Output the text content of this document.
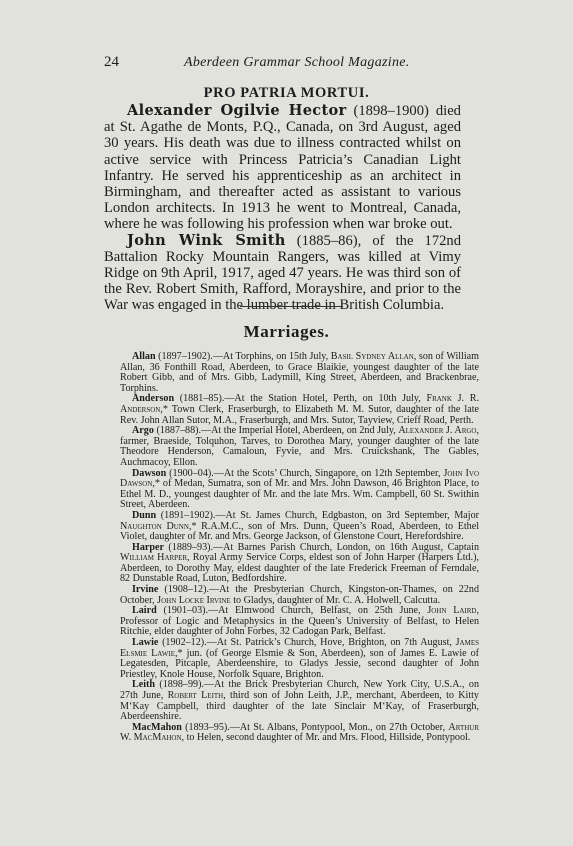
24	Aberdeen Grammar School Magazine.
PRO PATRIA MORTUI.

Alexander Ogilvie Hector (1898–1900) died at St. Agathe de Monts, P.Q., Canada, on 3rd August, aged 30 years. His death was due to illness contracted whilst on active service with Princess Patricia’s Canadian Light Infantry. He served his apprenticeship as an architect in Birmingham, and thereafter acted as assistant to various London architects. In 1913 he went to Montreal, Canada, where he was following his profession when war broke out.

John Wink Smith (1885–86), of the 172nd Battalion Rocky Mountain Rangers, was killed at Vimy Ridge on 9th April, 1917, aged 47 years. He was third son of the Rev. Robert Smith, Rafford, Morayshire, and prior to the War was engaged in the lumber trade in British Columbia.

Marriages.

Allan (1897–1902).—At Torphins, on 15th July, Basil Sydney Allan, son of William Allan, 36 Fonthill Road, Aberdeen, to Grace Blaikie, youngest daughter of the late Robert Gibb, and of Mrs. Gibb, Ladymill, King Street, Aberdeen, and Brackenbrae, Torphins.

Anderson (1881–85).—At the Station Hotel, Perth, on 10th July, Frank J. R. Anderson,* Town Clerk, Fraserburgh, to Elizabeth M. M. Sutor, daughter of the late Rev. John Allan Sutor, M.A., Fraserburgh, and Mrs. Sutor, Tayview, Crieff Road, Perth.

Argo (1887–88).—At the Imperial Hotel, Aberdeen, on 2nd July, Alexander J. Argo, farmer, Braeside, Tolquhon, Tarves, to Dorothea Mary, younger daughter of the late Theodore Henderson, Camaloun, Fyvie, and Mrs. Cruickshank, The Gables, Auchmacoy, Ellon.

Dawson (1900–04).—At the Scots’ Church, Singapore, on 12th September, John Ivo Dawson,* of Medan, Sumatra, son of Mr. and Mrs. John Dawson, 46 Brighton Place, to Ethel M. D., youngest daughter of Mr. and the late Mrs. Wm. Campbell, 60 St. Swithin Street, Aberdeen.

Dunn (1891–1902).—At St. James Church, Edgbaston, on 3rd September, Major Naughton Dunn,* R.A.M.C., son of Mrs. Dunn, Queen’s Road, Aberdeen, to Ethel Violet, daughter of Mr. and Mrs. George Jackson, of Glenstone Court, Herefordshire.

Harper (1889–93).—At Barnes Parish Church, London, on 16th August, Captain William Harper, Royal Army Service Corps, eldest son of John Harper (Harpers Ltd.), Aberdeen, to Dorothy May, eldest daughter of the late Frederick Freeman of Ferndale, 82 Dunstable Road, Luton, Bedfordshire.

Irvine (1908–12).—At the Presbyterian Church, Kingston-on-Thames, on 22nd October, John Locke Irvine to Gladys, daughter of Mr. C. A. Holwell, Calcutta.

Laird (1901–03).—At Elmwood Church, Belfast, on 25th June, John Laird, Professor of Logic and Metaphysics in the Queen’s University of Belfast, to Helen Ritchie, elder daughter of John Forbes, 32 Cadogan Park, Belfast.

Lawie (1902–12).—At St. Patrick’s Church, Hove, Brighton, on 7th August, James Elsmie Lawie,* jun. (of George Elsmie & Son, Aberdeen), son of James E. Lawie of Legatesden, Pitcaple, Aberdeenshire, to Gladys Jessie, second daughter of John Priestley, Knole House, Norfolk Square, Brighton.

Leith (1898–99).—At the Brick Presbyterian Church, New York City, U.S.A., on 27th June, Robert Leith, third son of John Leith, J.P., merchant, Aberdeen, to Kitty M‘Kay Campbell, third daughter of the late Sinclair M‘Kay, of Fraserburgh, Aberdeenshire.

MacMahon (1893–95).—At St. Albans, Pontypool, Mon., on 27th October, Arthur W. MacMahon, to Helen, second daughter of Mr. and Mrs. Flood, Hillside, Pontypool.
